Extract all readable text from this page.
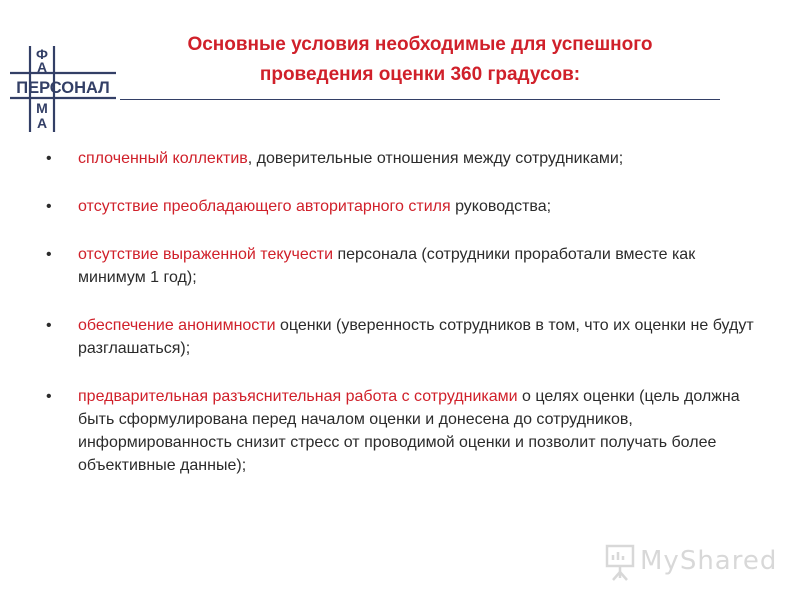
Ф
А
ПЕРСОНАЛ
М
А
Основные условия необходимые для успешного
проведения оценки 360 градусов:
• сплоченный коллектив, доверительные отношения между сотрудниками;
• отсутствие преобладающего авторитарного стиля руководства;
• отсутствие выраженной текучести персонала (сотрудники проработали вместе как минимум 1 год);
• обеспечение анонимности оценки (уверенность сотрудников в том, что их оценки не будут разглашаться);
• предварительная разъяснительная работа с сотрудниками о целях оценки (цель должна быть сформулирована перед началом оценки и донесена до сотрудников, информированность снизит стресс от проводимой оценки и позволит получать более объективные данные);
MyShared
